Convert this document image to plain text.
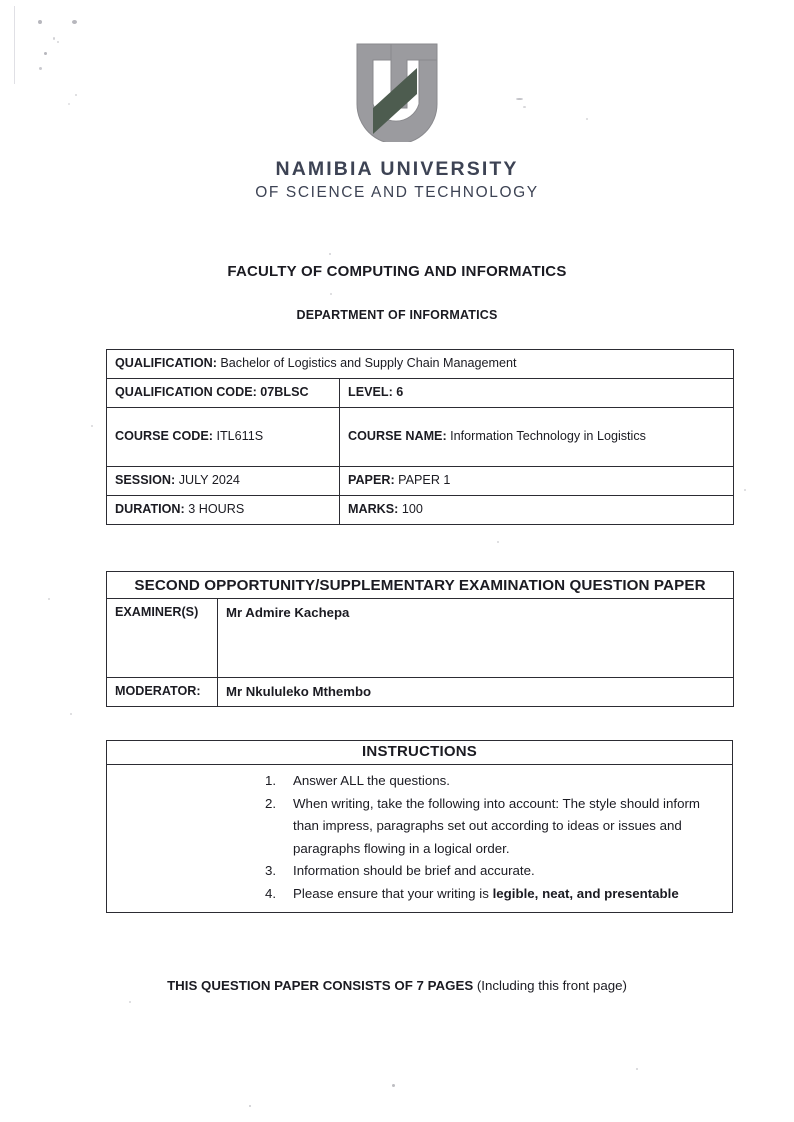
NAMIBIA UNIVERSITY
OF SCIENCE AND TECHNOLOGY
FACULTY OF COMPUTING AND INFORMATICS
DEPARTMENT OF INFORMATICS
QUALIFICATION: Bachelor of Logistics and Supply Chain Management	
QUALIFICATION CODE: 07BLSC	LEVEL: 6
COURSE CODE: ITL611S	COURSE NAME: Information Technology in Logistics
SESSION: JULY 2024	PAPER: PAPER 1
DURATION: 3 HOURS	MARKS: 100
SECOND OPPORTUNITY/SUPPLEMENTARY EXAMINATION QUESTION PAPER	
EXAMINER(S)	Mr Admire Kachepa
MODERATOR:	Mr Nkululeko Mthembo
INSTRUCTIONS

Answer ALL the questions.
When writing, take the following into account: The style should inform than impress, paragraphs set out according to ideas or issues and paragraphs flowing in a logical order.
Information should be brief and accurate.
Please ensure that your writing is legible, neat, and presentable
THIS QUESTION PAPER CONSISTS OF 7 PAGES (Including this front page)
